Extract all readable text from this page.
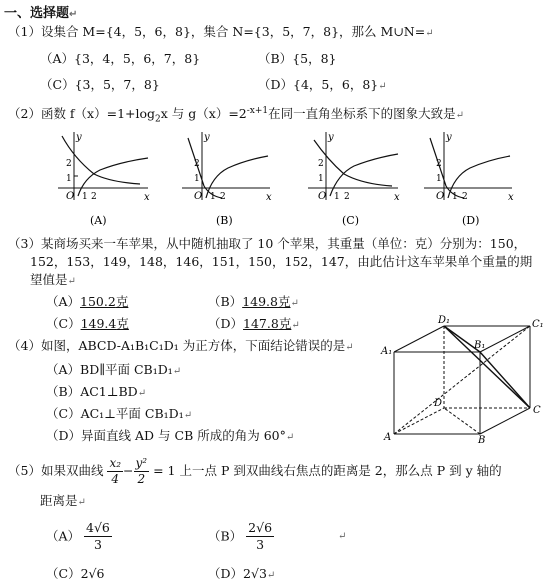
一、选择题↵
（1）设集合 M={4，5，6，8}，集合 N={3，5，7，8}，那么 M∪N=↵
（A）{3，4，5，6，7，8}	（B）{5，8}
（C）{3，5，7，8}	（D）{4，5，6，8}↵
（2）函数 $f(x)=1+\log_2x$ 与 $g(x)=2^{-x+1}$在同一直角坐标系下的图象大致是↵
y
x
O
2
1
1 2
(A)
y
x
O
2
1
1 2
(B)
y
x
O
2
1
1 2
(C)
y
x
O
2
1
1 2
(D)
（3）某商场买来一车苹果，从中随机抽取了 10 个苹果，其重量（单位：克）分别为：150，
152，153，149，148，146，151，150，152，147，由此估计这车苹果单个重量的期
望值是↵
（A）150.2克	（B）149.8克↵
（C）149.4克	（D）147.8克↵
（4）如图，ABCD-A₁B₁C₁D₁ 为正方体，下面结论错误的是↵
（A）BD∥平面 CB₁D₁↵
（B）AC1⊥BD↵
（C）AC₁⊥平面 CB₁D₁↵
（D）异面直线 AD 与 CB 所成的角为 60°↵
D₁	C₁
A₁
B₁
D
C
A	B
（5）如果双曲线 $\frac{\text{x₂}}{4} - \frac{\text{y²}}{2} = 1$ 上一点 P 到双曲线右焦点的距离是 2，那么点 P 到 y 轴的
距离是↵
$(A) \frac{4√6}{3}$	$(B) \frac{2√6}{3}$	↵
（C）2√6	（D）2√3↵
